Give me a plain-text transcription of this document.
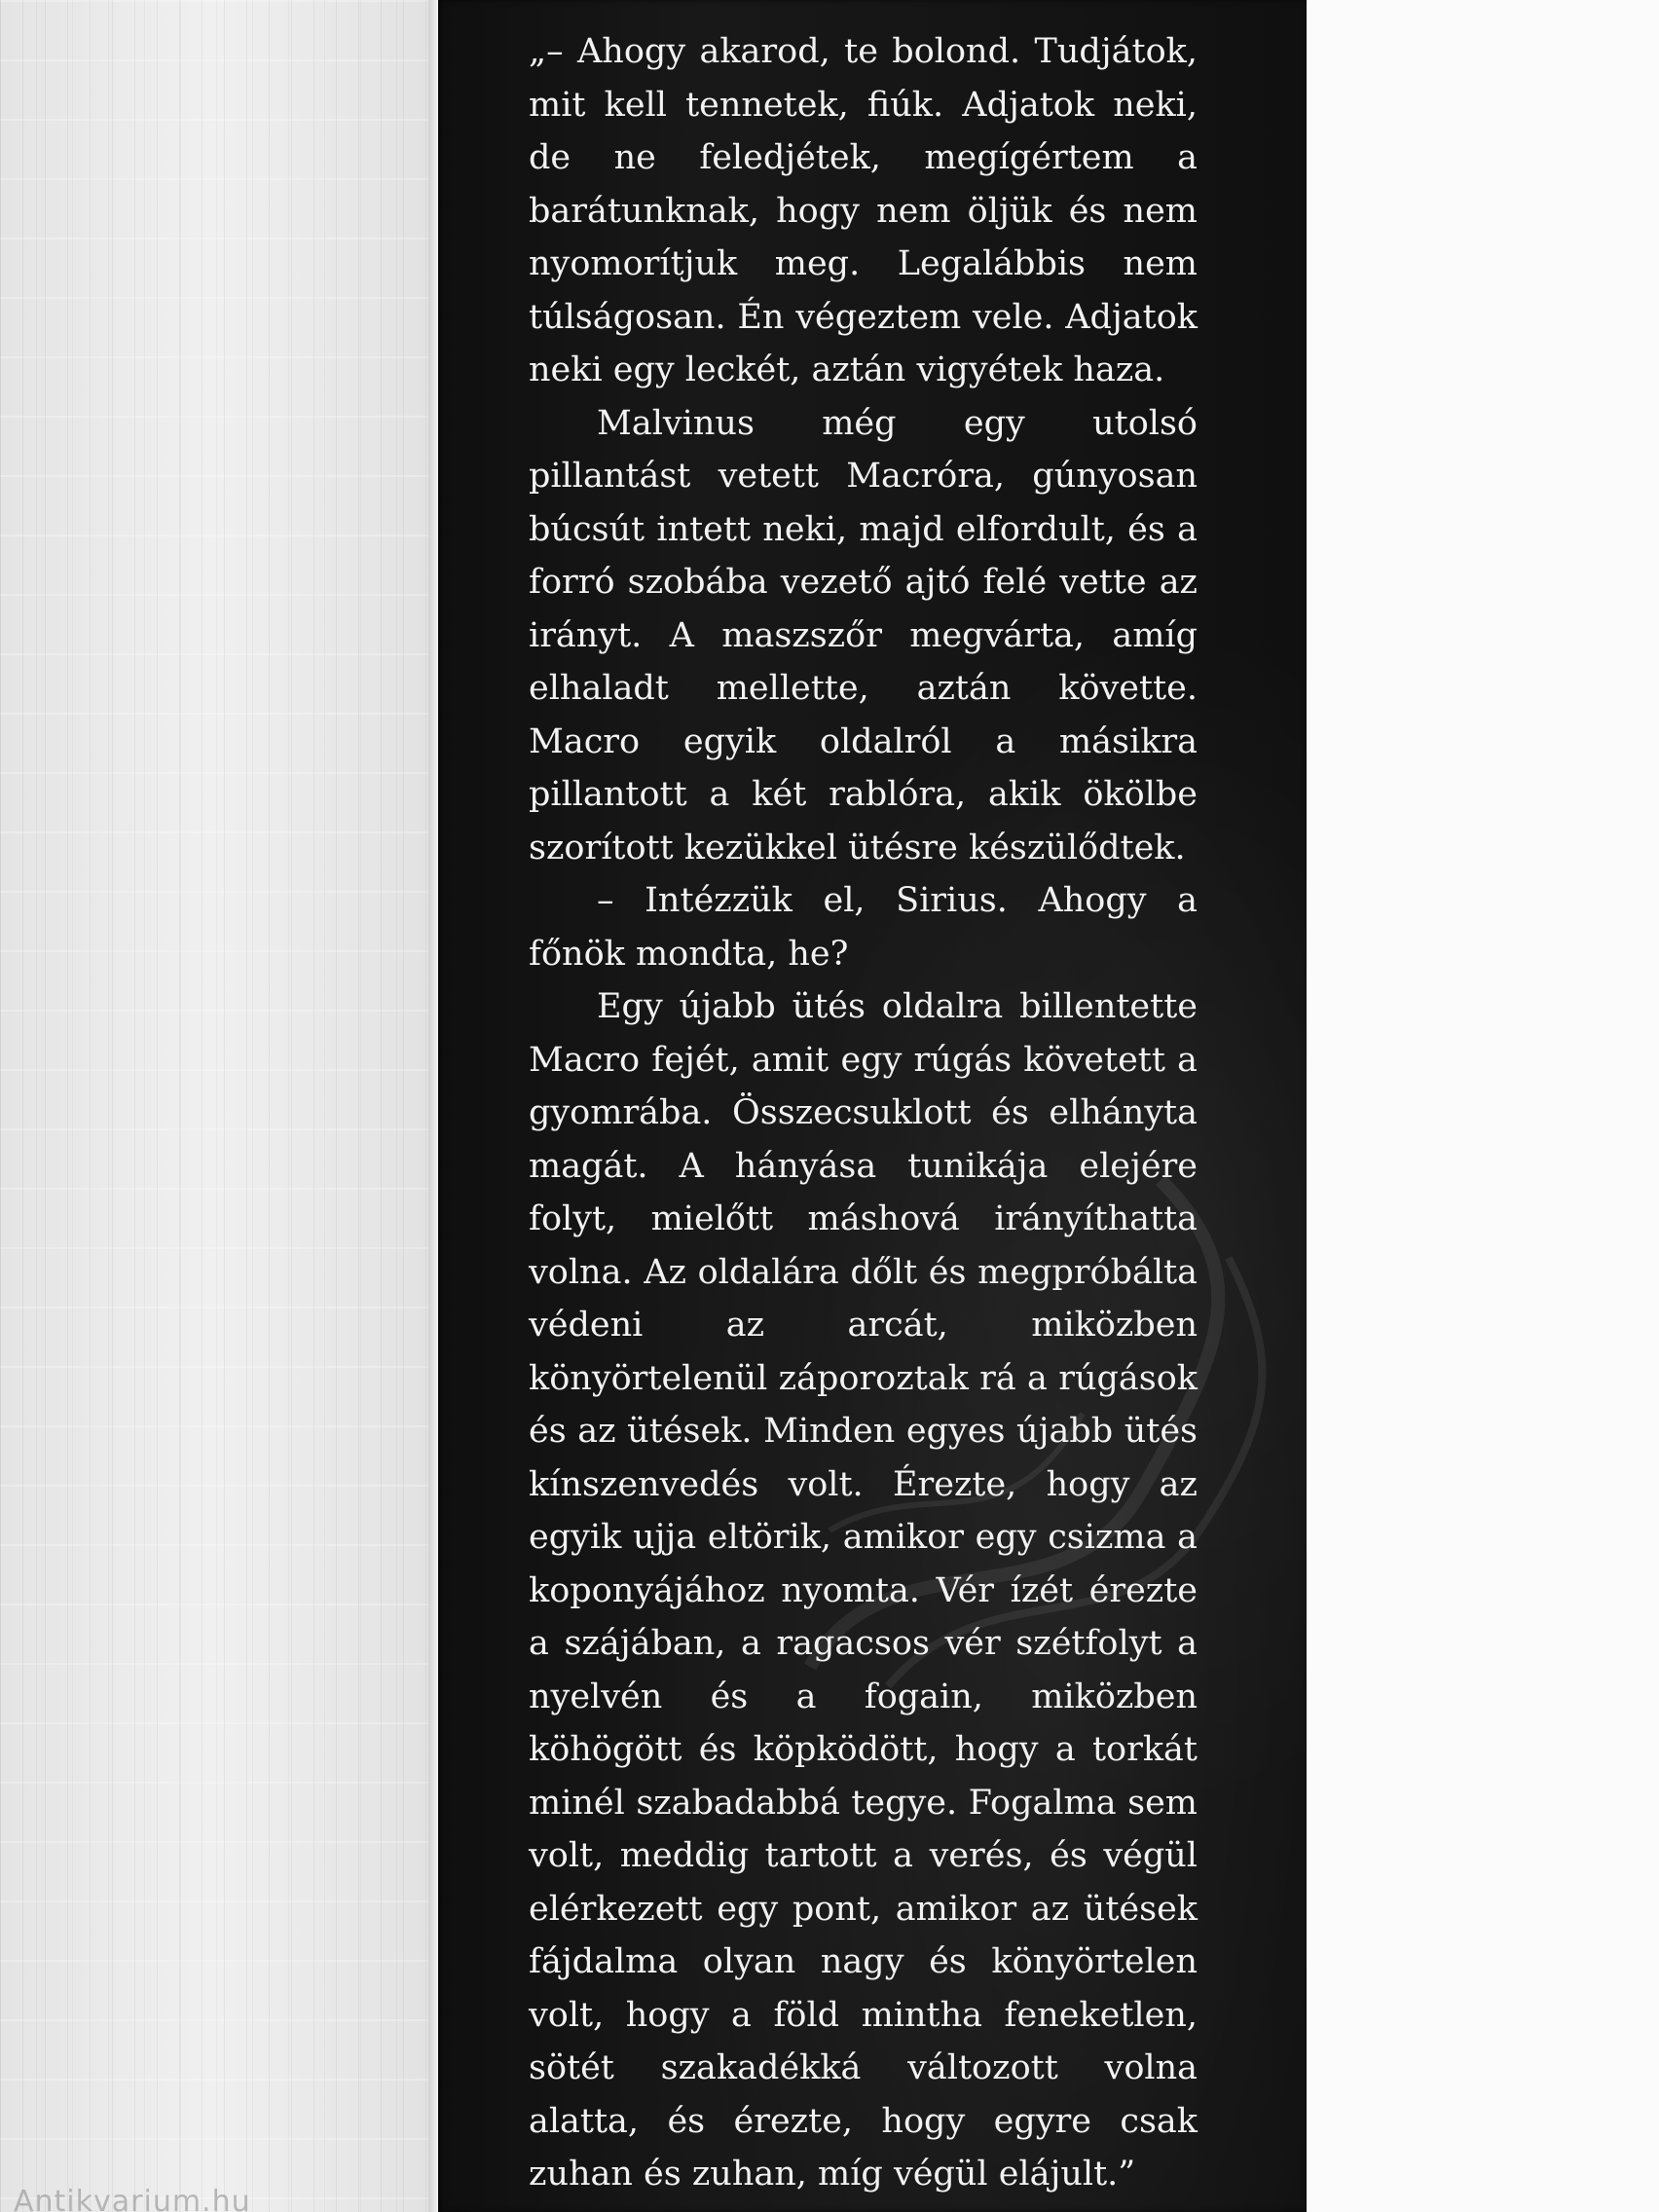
„– Ahogy akarod, te bolond. Tudjátok, mit kell tennetek, fiúk. Adjatok neki, de ne feledjétek, megígértem a barátunknak, hogy nem öljük és nem nyomorítjuk meg. Legalábbis nem túlságosan. Én végeztem vele. Adjatok neki egy leckét, aztán vigyétek haza.

Malvinus még egy utolsó pillantást vetett Macróra, gúnyosan búcsút intett neki, majd elfordult, és a forró szobába vezető ajtó felé vette az irányt. A maszszőr megvárta, amíg elhaladt mellette, aztán követte. Macro egyik oldalról a másikra pillantott a két rablóra, akik ökölbe szorított kezükkel ütésre készülődtek.

– Intézzük el, Sirius. Ahogy a főnök mondta, he?

Egy újabb ütés oldalra billentette Macro fejét, amit egy rúgás követett a gyomrába. Összecsuklott és elhányta magát. A hányása tunikája elejére folyt, mielőtt máshová irányíthatta volna. Az oldalára dőlt és megpróbálta védeni az arcát, miközben könyörtelenül záporoztak rá a rúgások és az ütések. Minden egyes újabb ütés kínszenvedés volt. Érezte, hogy az egyik ujja eltörik, amikor egy csizma a koponyájához nyomta. Vér ízét érezte a szájában, a ragacsos vér szétfolyt a nyelvén és a fogain, miközben köhögött és köpködött, hogy a torkát minél szabadabbá tegye. Fogalma sem volt, meddig tartott a verés, és végül elérkezett egy pont, amikor az ütések fájdalma olyan nagy és könyörtelen volt, hogy a föld mintha feneketlen, sötét szakadékká változott volna alatta, és érezte, hogy egyre csak zuhan és zuhan, míg végül elájult.”

Antikvarium.hu
